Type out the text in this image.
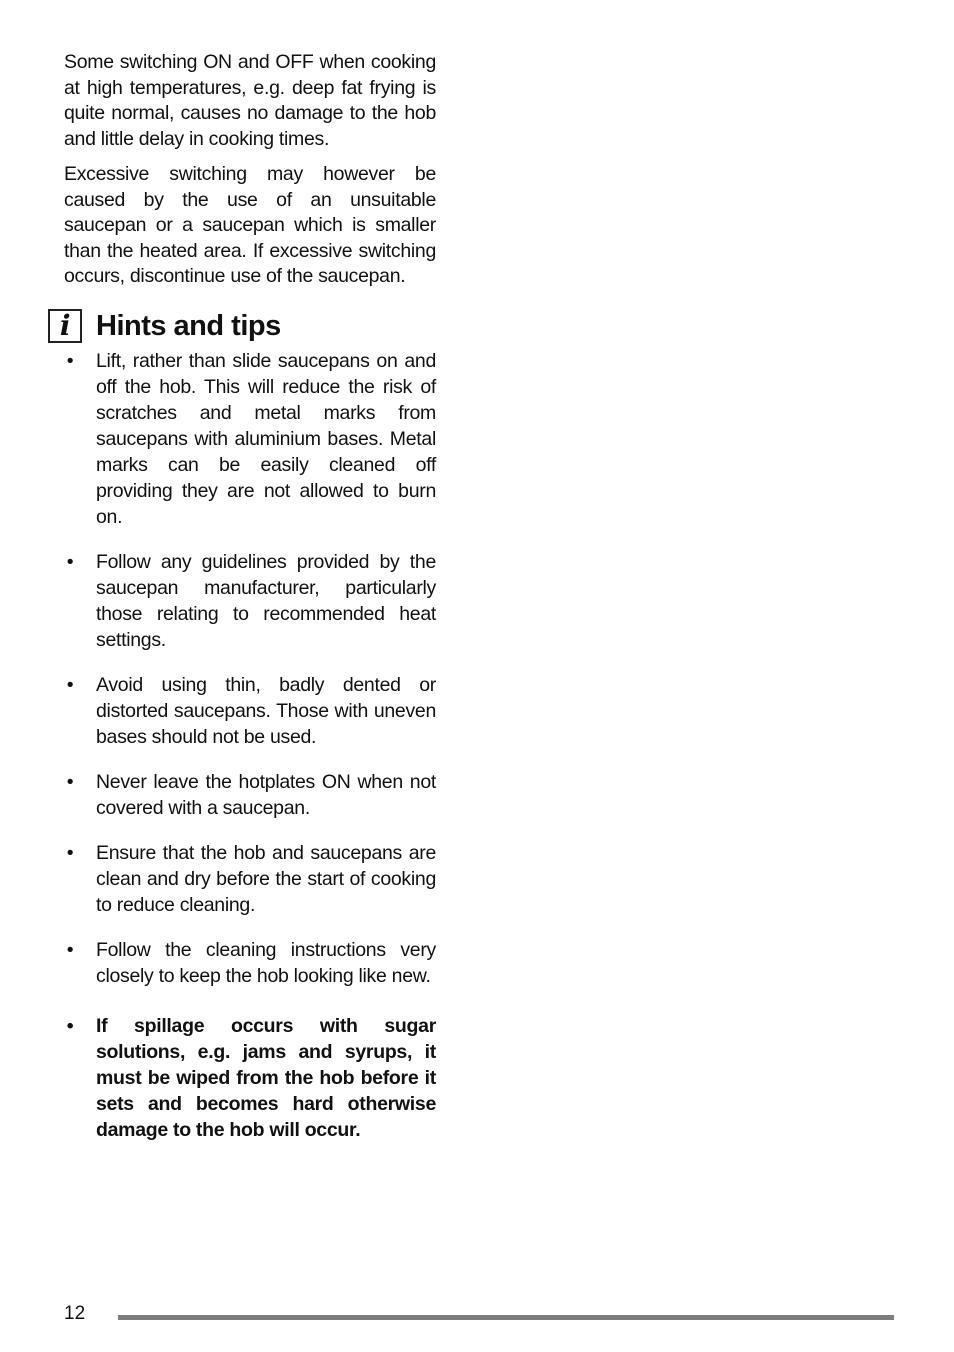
Some switching ON and OFF when cooking at high temperatures, e.g. deep fat frying is quite normal, causes no damage to the hob and little delay in cooking times.

Excessive switching may however be caused by the use of an unsuitable saucepan or a saucepan which is smaller than the heated area. If excessive switching occurs, discontinue use of the saucepan.

i Hints and tips
• Lift, rather than slide saucepans on and off the hob. This will reduce the risk of scratches and metal marks from saucepans with aluminium bases. Metal marks can be easily cleaned off providing they are not allowed to burn on.
• Follow any guidelines provided by the saucepan manufacturer, particularly those relating to recommended heat settings.
• Avoid using thin, badly dented or distorted saucepans. Those with uneven bases should not be used.
• Never leave the hotplates ON when not covered with a saucepan.
• Ensure that the hob and saucepans are clean and dry before the start of cooking to reduce cleaning.
• Follow the cleaning instructions very closely to keep the hob looking like new.
• If spillage occurs with sugar solutions, e.g. jams and syrups, it must be wiped from the hob before it sets and becomes hard otherwise damage to the hob will occur.
12
